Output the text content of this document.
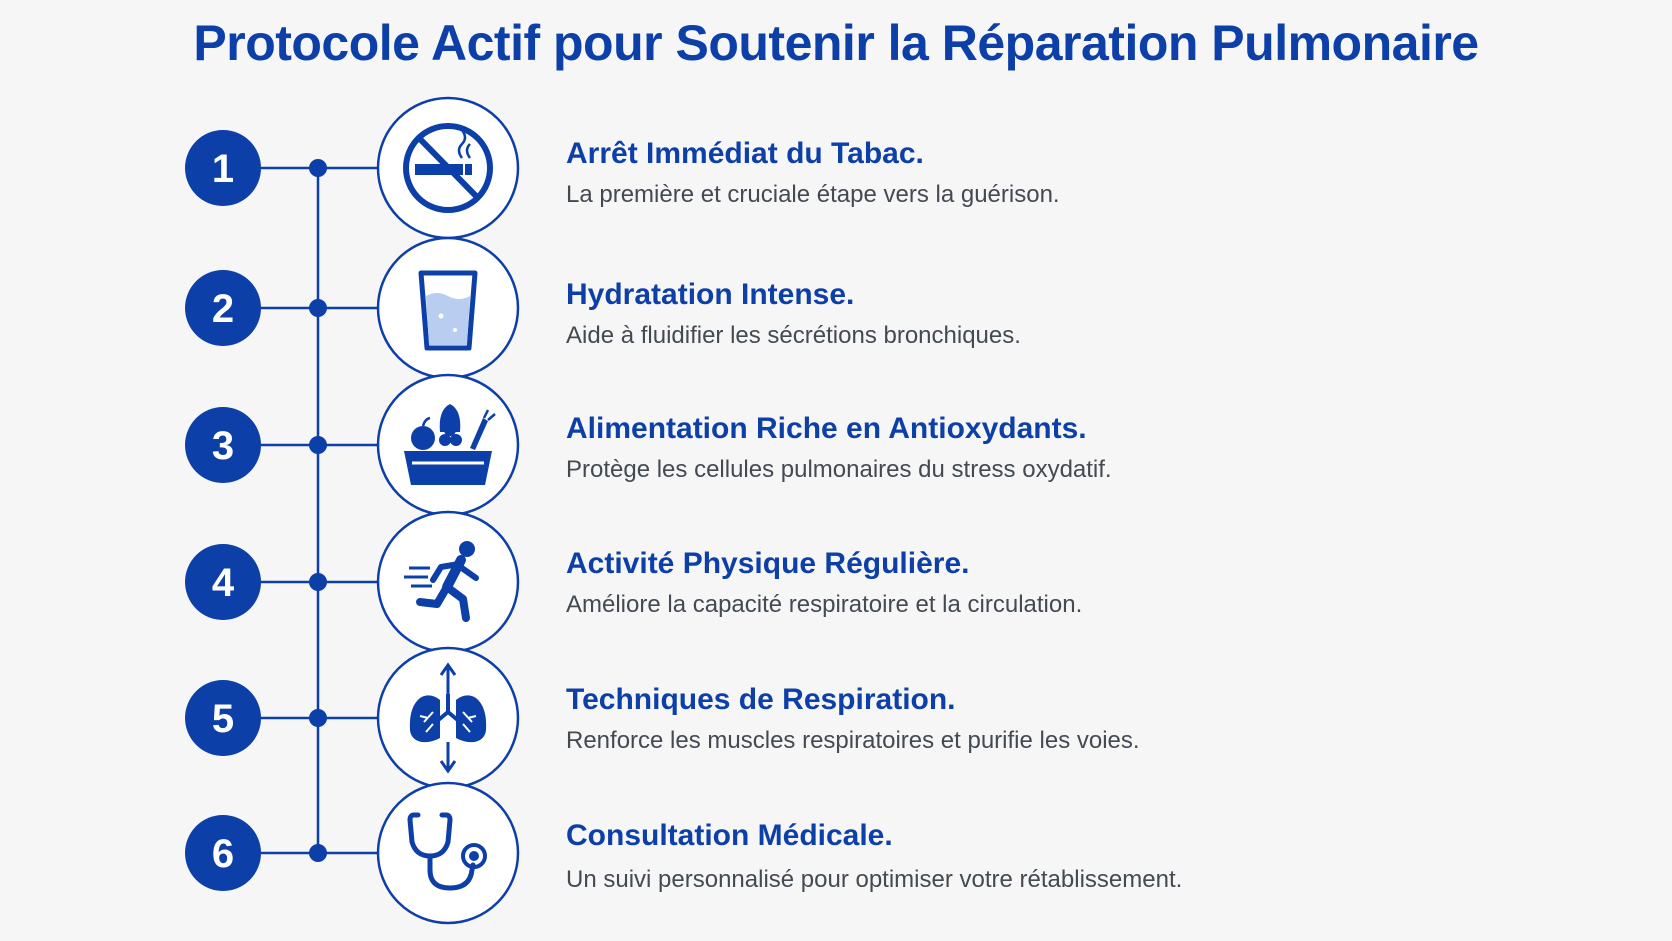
Protocole Actif pour Soutenir la Réparation Pulmonaire
1
2
3
4
5
6
Arrêt Immédiat du Tabac.
La première et cruciale étape vers la guérison.
Hydratation Intense.
Aide à fluidifier les sécrétions bronchiques.
Alimentation Riche en Antioxydants.
Protège les cellules pulmonaires du stress oxydatif.
Activité Physique Régulière.
Améliore la capacité respiratoire et la circulation.
Techniques de Respiration.
Renforce les muscles respiratoires et purifie les voies.
Consultation Médicale.
Un suivi personnalisé pour optimiser votre rétablissement.
